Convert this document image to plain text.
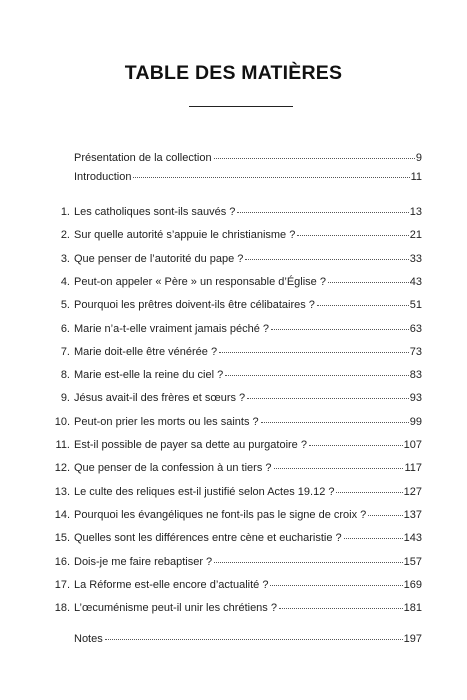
TABLE DES MATIÈRES
Présentation de la collection	9
Introduction	11
1. Les catholiques sont-ils sauvés ?	13
2. Sur quelle autorité s’appuie le christianisme ?	21
3. Que penser de l’autorité du pape ?	33
4. Peut-on appeler « Père » un responsable d’Église ?	43
5. Pourquoi les prêtres doivent-ils être célibataires ?	51
6. Marie n’a-t-elle vraiment jamais péché ?	63
7. Marie doit-elle être vénérée ?	73
8. Marie est-elle la reine du ciel ?	83
9. Jésus avait-il des frères et sœurs ?	93
10. Peut-on prier les morts ou les saints ?	99
11. Est-il possible de payer sa dette au purgatoire ?	107
12. Que penser de la confession à un tiers ?	117
13. Le culte des reliques est-il justifié selon Actes 19.12 ?	127
14. Pourquoi les évangéliques ne font-ils pas le signe de croix ?	137
15. Quelles sont les différences entre cène et eucharistie ?	143
16. Dois-je me faire rebaptiser ?	157
17. La Réforme est-elle encore d’actualité ?	169
18. L’œcuménisme peut-il unir les chrétiens ?	181
Notes	197
